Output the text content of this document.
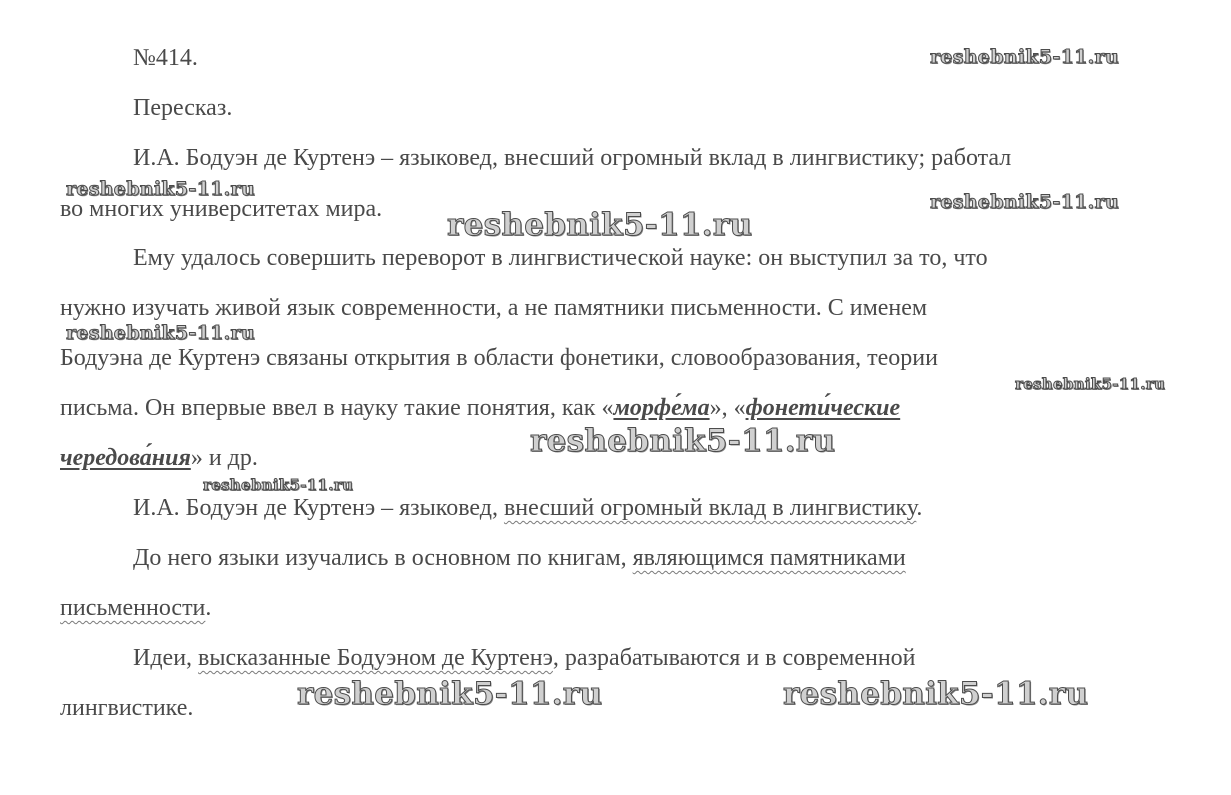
№414.

Пересказ.

И.А. Бодуэн де Куртенэ – языковед, внесший огромный вклад в лингвистику; работал

во многих университетах мира.

Ему удалось совершить переворот в лингвистической науке: он выступил за то, что

нужно изучать живой язык современности, а не памятники письменности. С именем

Бодуэна де Куртенэ связаны открытия в области фонетики, словообразования, теории

письма. Он впервые ввел в науку такие понятия, как «морфе́ма», «фонети́ческие

чередова́ния» и др.

И.А. Бодуэн де Куртенэ – языковед, внесший огромный вклад в лингвистику.

До него языки изучались в основном по книгам, являющимся памятниками

письменности.

Идеи, высказанные Бодуэном де Куртенэ, разрабатываются и в современной

лингвистике.

reshebnik5-11.ru
reshebnik5-11.ru
reshebnik5-11.ru
reshebnik5-11.ru
reshebnik5-11.ru
reshebnik5-11.ru
reshebnik5-11.ru
reshebnik5-11.ru
reshebnik5-11.ru	reshebnik5-11.ru
